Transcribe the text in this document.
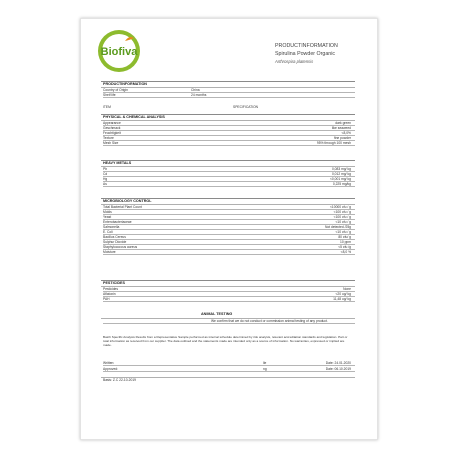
Biofiva	PRODUCTINFORMATION
Spirulina Powder Organic
Arthrospira platensis
PRODUCTINFORMATION
Country of Origin	China
Shelf life	24 months
ITEM	SPECIFICATION
PHYSICAL & CHEMICAL ANALYSIS
Appearance	dark green
Geschmack	like seaweed
Feuchtigkeit	<8,0%
Texture	fine powder
Mesh Size	95% through 100 mesh
HEAVY METALS
Pb	0,083 mg/ kg
Cd	0,012 mg/ kg
Hg	<0,001 mg/ kg
As	0,225 mg/kg
MICROBIOLOGY CONTROL
Total Bacterial Plant Count	<10000 cfu / g
Molds	<100 cfu / g
Yeast	<100 cfu / g
Enterobacteriaceae	<10 cfu / g
Salmonella	Not detected /25g
E. Coli	<10 cfu / g
Bacillus Cereus	80 cfu/ g
Sulphur Dioxide	10 ppm
Staphylococcus aureus	<5 cfu /g
Moisture	<8,0 %
PESTICIDES
Pesticides	None
Aflatoxin	<20 ug/ kg
PAH	11,48 ug/ kg
ANIMAL TESTING
We confirm that we do not conduct or commission animal testing of any product.
Batch Specific Analysis Results from a Representative Sample performed as internal schedule determined by risk analysis, relevant accreditation standards and legislation. Part or total information as received from our supplier. The data outlined and the statements made are intended only as a source of information. No warranties, expressed or implied are made.
Written:	lle	Date: 24.01.2020
Approved:	ng	Date: 06.10.2019
Basis: Z.C 22-10-2019
